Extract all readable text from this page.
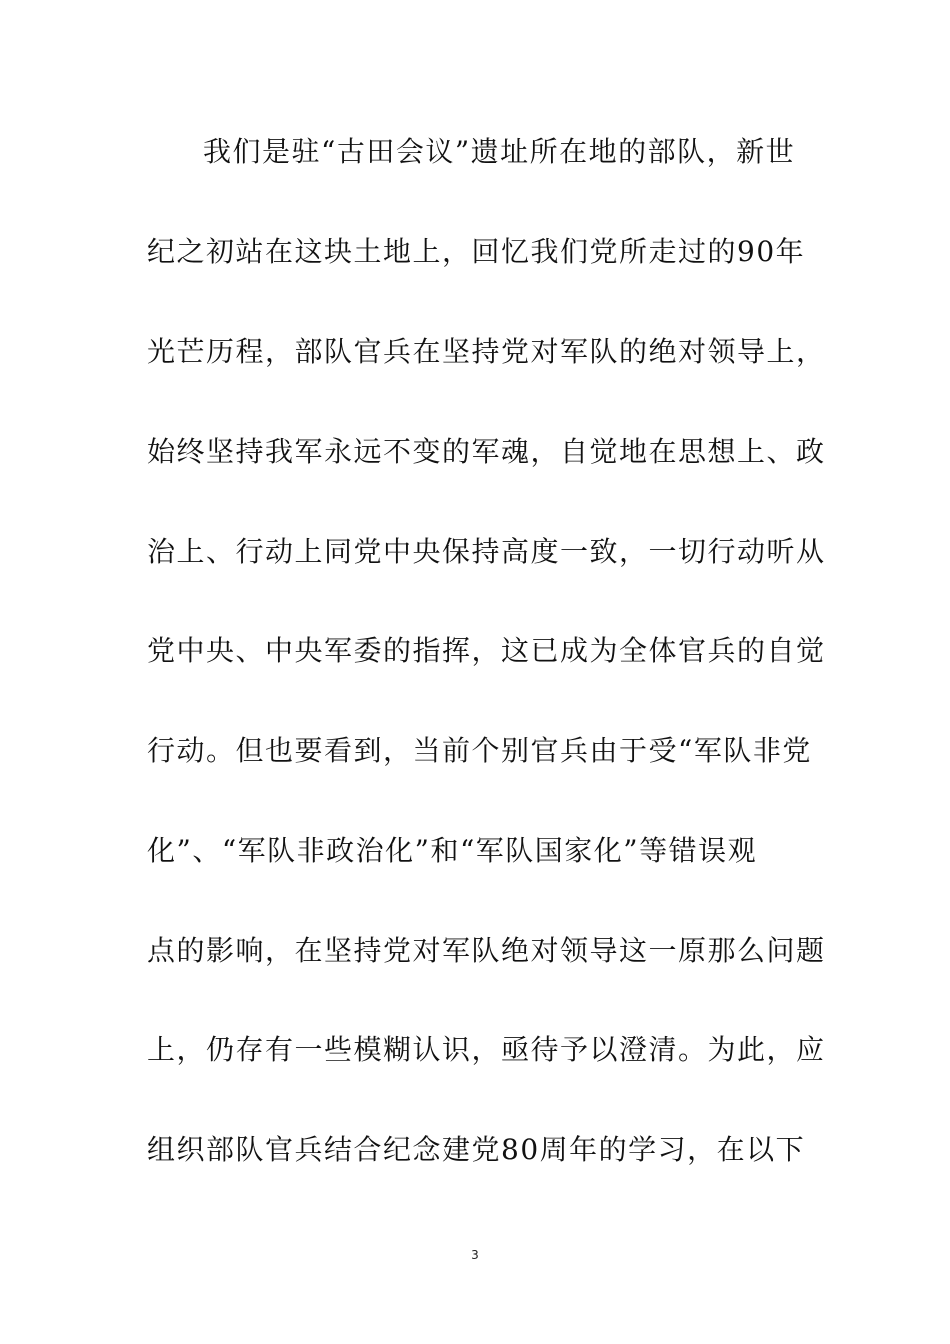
我们是驻“古田会议”遗址所在地的部队，新世
纪之初站在这块土地上，回忆我们党所走过的90年
光芒历程，部队官兵在坚持党对军队的绝对领导上，
始终坚持我军永远不变的军魂，自觉地在思想上、政
治上、行动上同党中央保持高度一致，一切行动听从
党中央、中央军委的指挥，这已成为全体官兵的自觉
行动。但也要看到，当前个别官兵由于受“军队非党
化”、“军队非政治化”和“军队国家化”等错误观
点的影响，在坚持党对军队绝对领导这一原那么问题
上，仍存有一些模糊认识，亟待予以澄清。为此，应
组织部队官兵结合纪念建党80周年的学习，在以下
3
